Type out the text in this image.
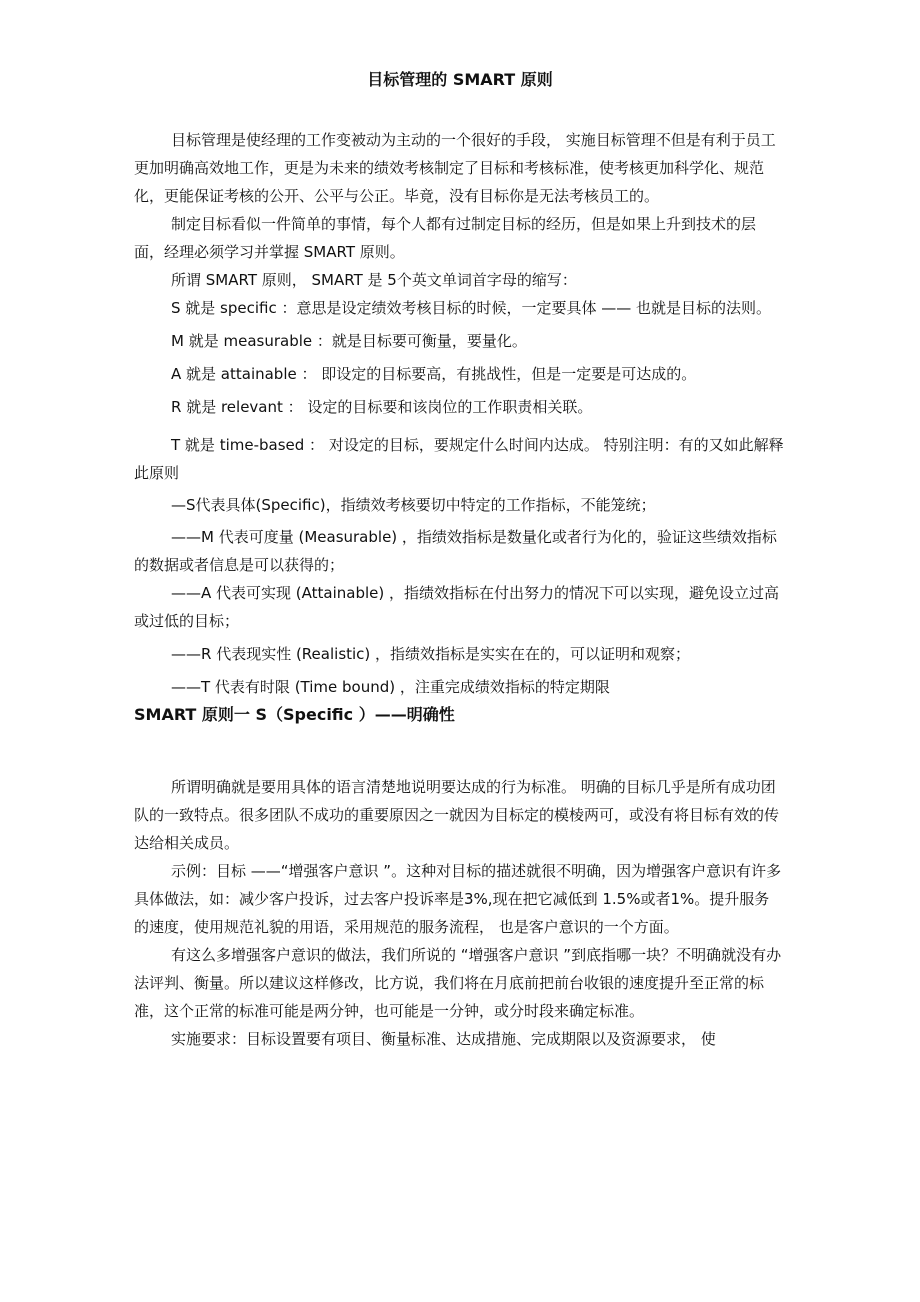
目标管理的 SMART 原则

目标管理是使经理的工作变被动为主动的一个很好的手段， 实施目标管理不但是有利于员工更加明确高效地工作，更是为未来的绩效考核制定了目标和考核标准，使考核更加科学化、规范化，更能保证考核的公开、公平与公正。毕竟，没有目标你是无法考核员工的。

制定目标看似一件简单的事情，每个人都有过制定目标的经历，但是如果上升到技术的层面，经理必须学习并掌握 SMART 原则。

所谓 SMART 原则， SMART 是 5个英文单词首字母的缩写：

S 就是 specific ：意思是设定绩效考核目标的时候，一定要具体 —— 也就是目标的法则。

M 就是 measurable ：就是目标要可衡量，要量化。

A 就是 attainable ： 即设定的目标要高，有挑战性，但是一定要是可达成的。

R 就是 relevant ： 设定的目标要和该岗位的工作职责相关联。

T 就是 time-based ： 对设定的目标，要规定什么时间内达成。 特别注明：有的又如此解释此原则

—S代表具体(Specific)，指绩效考核要切中特定的工作指标，不能笼统；

——M 代表可度量 (Measurable) ，指绩效指标是数量化或者行为化的，验证这些绩效指标的数据或者信息是可以获得的；

——A 代表可实现 (Attainable) ，指绩效指标在付出努力的情况下可以实现，避免设立过高或过低的目标；

——R 代表现实性 (Realistic) ，指绩效指标是实实在在的，可以证明和观察；

——T 代表有时限 (Time bound) ，注重完成绩效指标的特定期限

SMART 原则一 S（Specific ）——明确性

所谓明确就是要用具体的语言清楚地说明要达成的行为标准。 明确的目标几乎是所有成功团队的一致特点。很多团队不成功的重要原因之一就因为目标定的模棱两可，或没有将目标有效的传达给相关成员。

示例：目标 ——“增强客户意识 ”。这种对目标的描述就很不明确，因为增强客户意识有许多具体做法，如：减少客户投诉，过去客户投诉率是3%,现在把它减低到 1.5%或者1%。提升服务的速度，使用规范礼貌的用语，采用规范的服务流程， 也是客户意识的一个方面。

有这么多增强客户意识的做法，我们所说的 “增强客户意识 ”到底指哪一块？不明确就没有办法评判、衡量。所以建议这样修改，比方说，我们将在月底前把前台收银的速度提升至正常的标准，这个正常的标准可能是两分钟，也可能是一分钟，或分时段来确定标准。

实施要求：目标设置要有项目、衡量标准、达成措施、完成期限以及资源要求， 使
